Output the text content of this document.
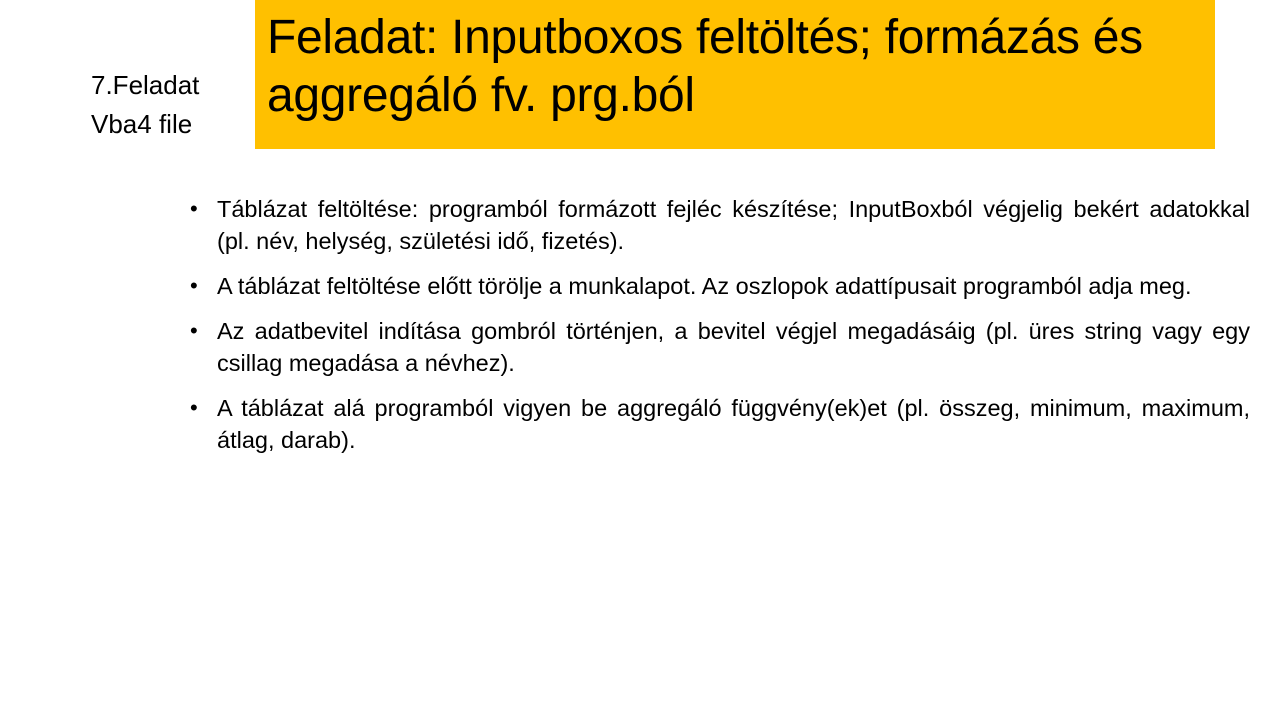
7.Feladat
Vba4 file
Feladat: Inputboxos feltöltés; formázás és aggregáló fv. prg.ból
• Táblázat feltöltése: programból formázott fejléc készítése; InputBoxból végjelig bekért adatokkal (pl. név, helység, születési idő, fizetés).
• A táblázat feltöltése előtt törölje a munkalapot. Az oszlopok adattípusait programból adja meg.
• Az adatbevitel indítása gombról történjen, a bevitel végjel megadásáig (pl. üres string vagy egy csillag megadása a névhez).
• A táblázat alá programból vigyen be aggregáló függvény(ek)et (pl. összeg, minimum, maximum, átlag, darab).
